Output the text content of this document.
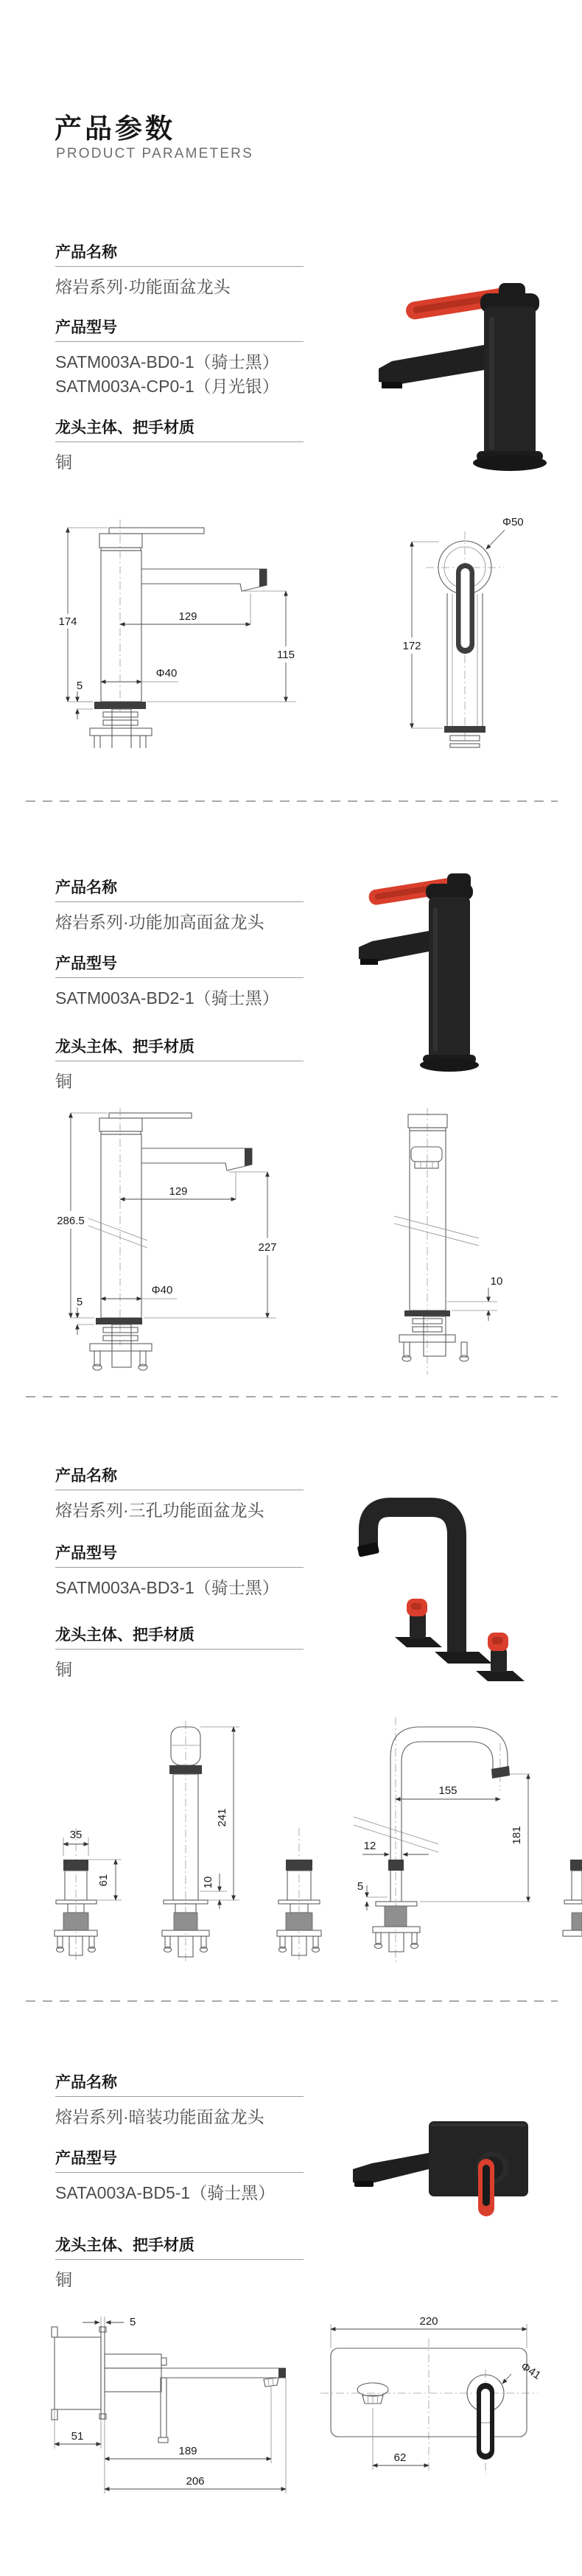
产品参数
PRODUCT PARAMETERS
产品名称
熔岩系列·功能面盆龙头
产品型号
SATM003A-BD0-1（骑士黑）
SATM003A-CP0-1（月光银）
龙头主体、把手材质
铜
174	129
115
Φ40
5
Φ50
172
产品名称
熔岩系列·功能加高面盆龙头
产品型号
SATM003A-BD2-1（骑士黑）
龙头主体、把手材质
铜
286.5
129
227
Φ40
5
10
产品名称
熔岩系列·三孔功能面盆龙头
产品型号
SATM003A-BD3-1（骑士黑）
龙头主体、把手材质
铜
35
61
241
10
155
181
12
5
产品名称
熔岩系列·暗装功能面盆龙头
产品型号
SATA003A-BD5-1（骑士黑）
龙头主体、把手材质
铜
5
51
189
206
220
Φ41
62
